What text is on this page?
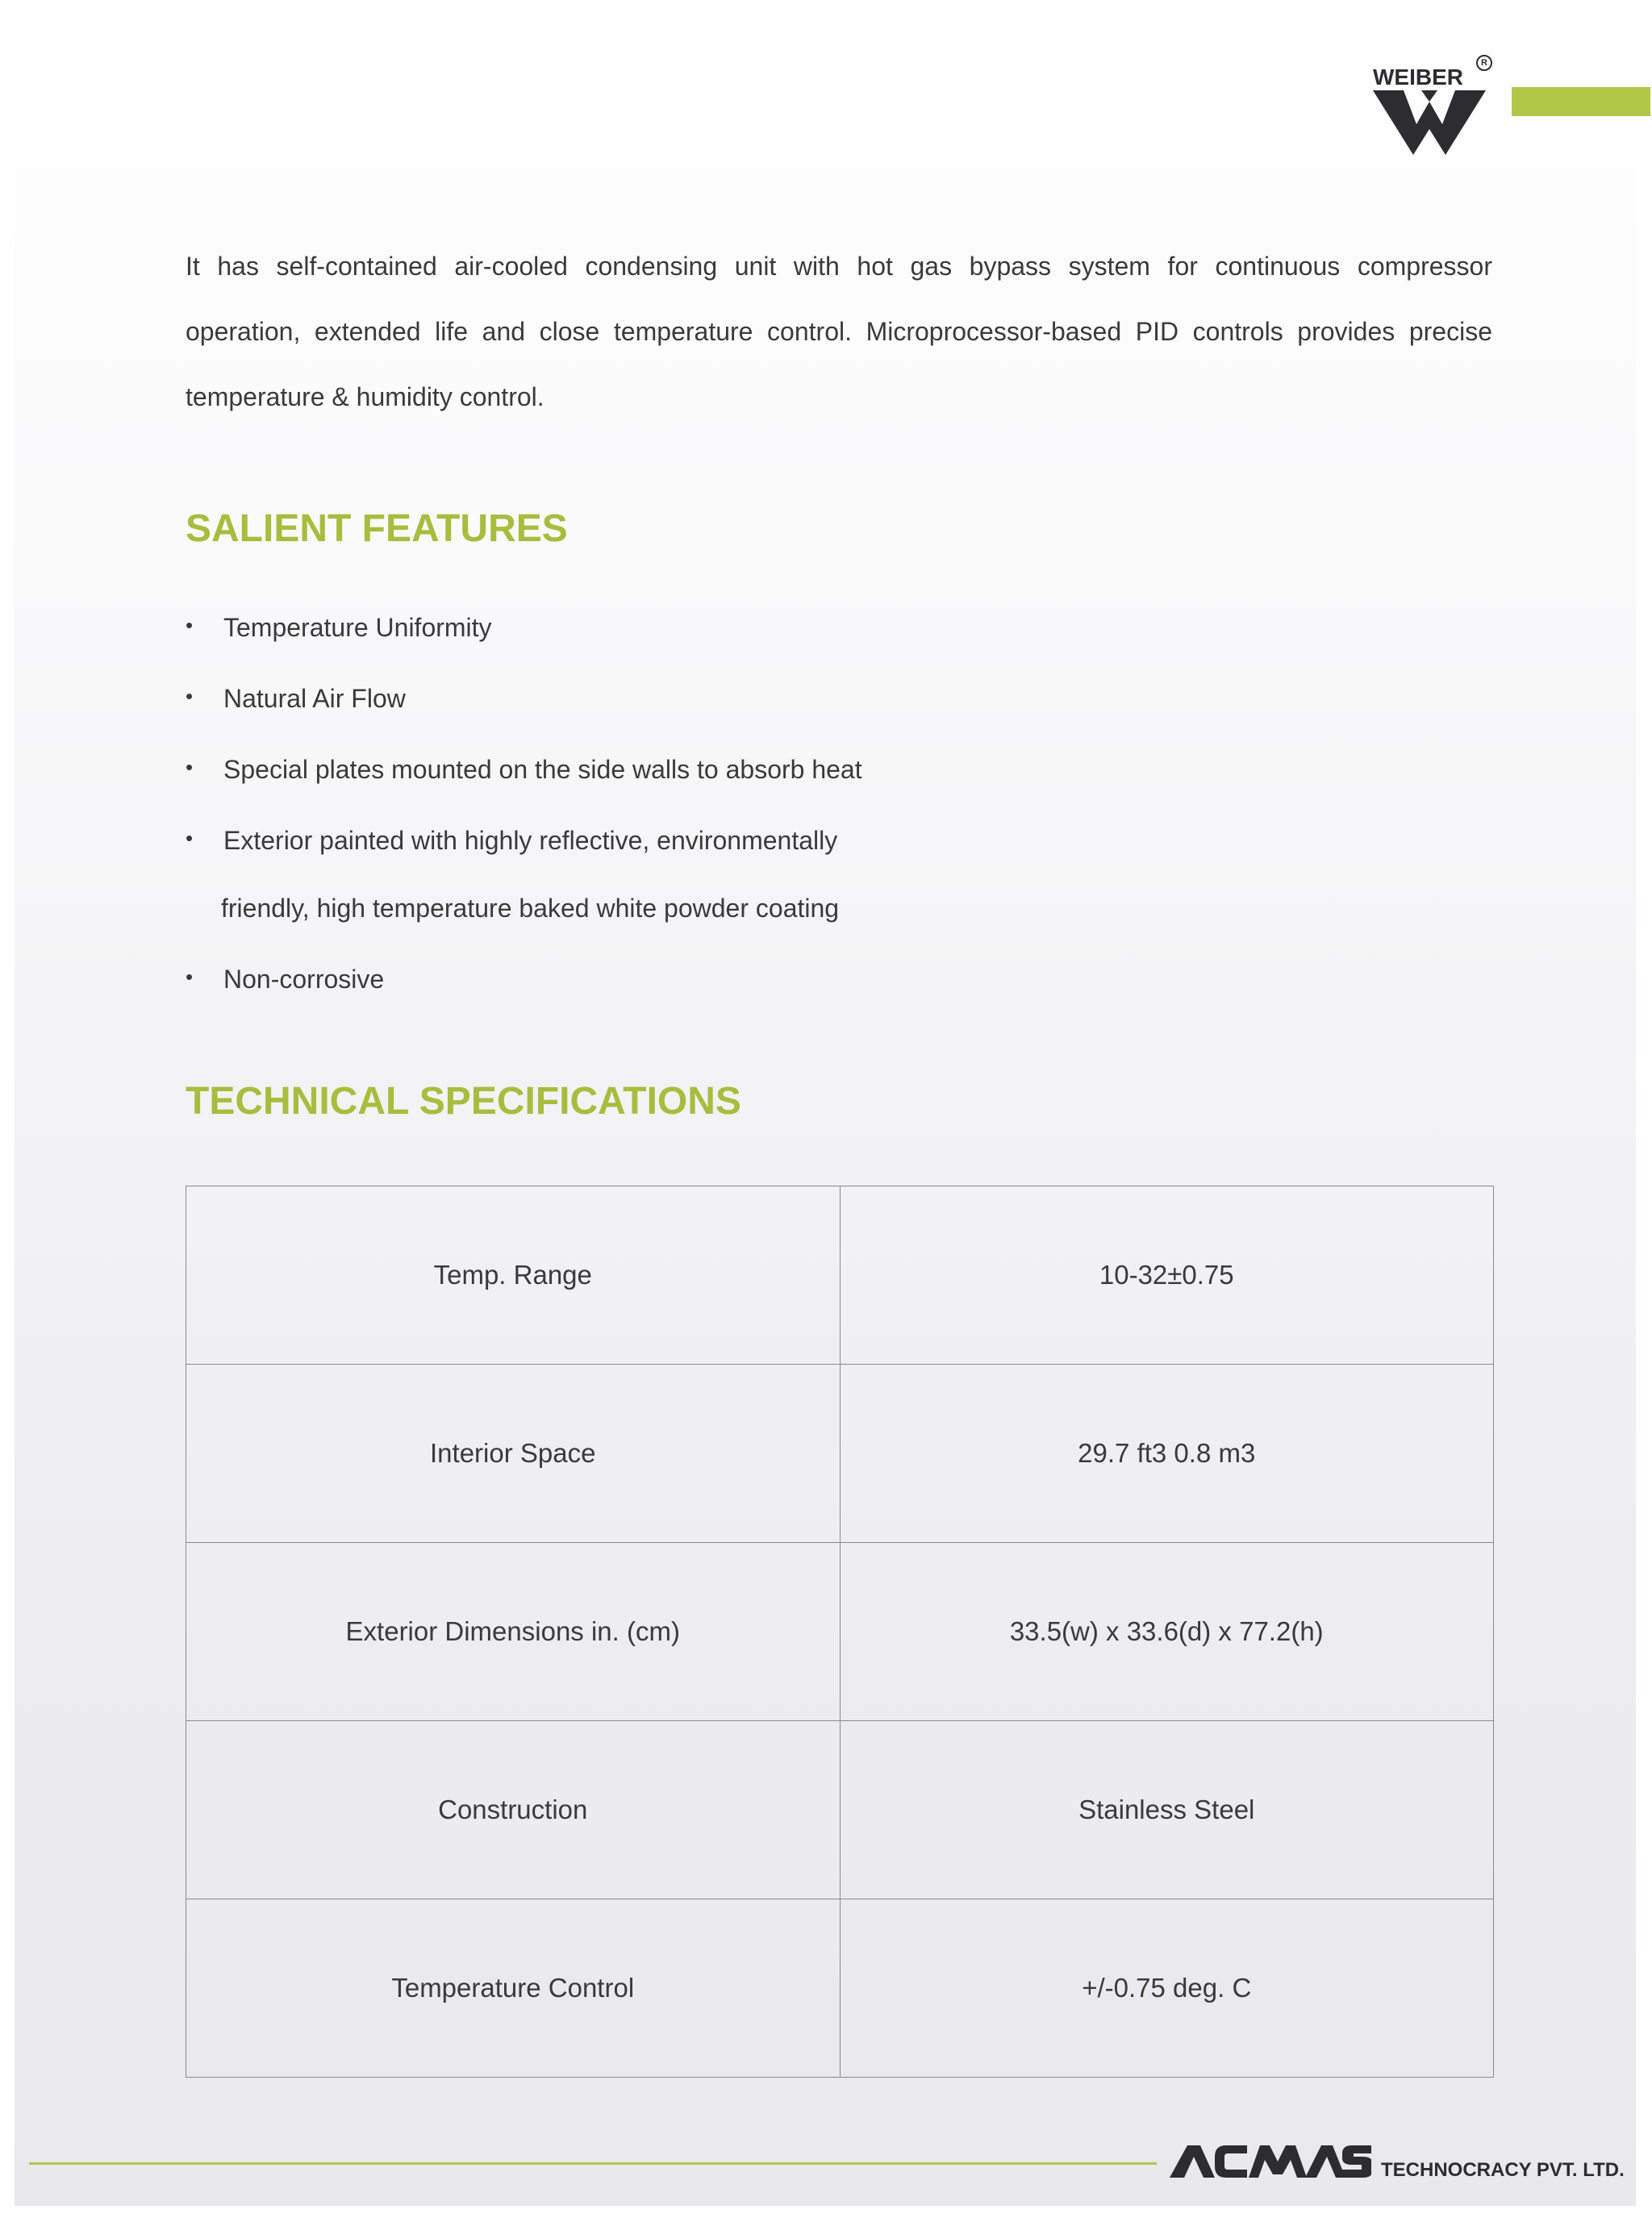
WEIBER
R
It has self-contained air-cooled condensing unit with hot gas bypass system for continuous compressor
operation, extended life and close temperature control. Microprocessor-based PID controls provides precise
temperature & humidity control.
SALIENT FEATURES
• Temperature Uniformity
• Natural Air Flow
• Special plates mounted on the side walls to absorb heat
• Exterior painted with highly reflective, environmentally
friendly, high temperature baked white powder coating
• Non-corrosive
TECHNICAL SPECIFICATIONS
Temp. Range	10-32±0.75
Interior Space	29.7 ft3 0.8 m3
Exterior Dimensions in. (cm)	33.5(w) x 33.6(d) x 77.2(h)
Construction	Stainless Steel
Temperature Control	+/-0.75 deg. C
TECHNOCRACY PVT. LTD.
